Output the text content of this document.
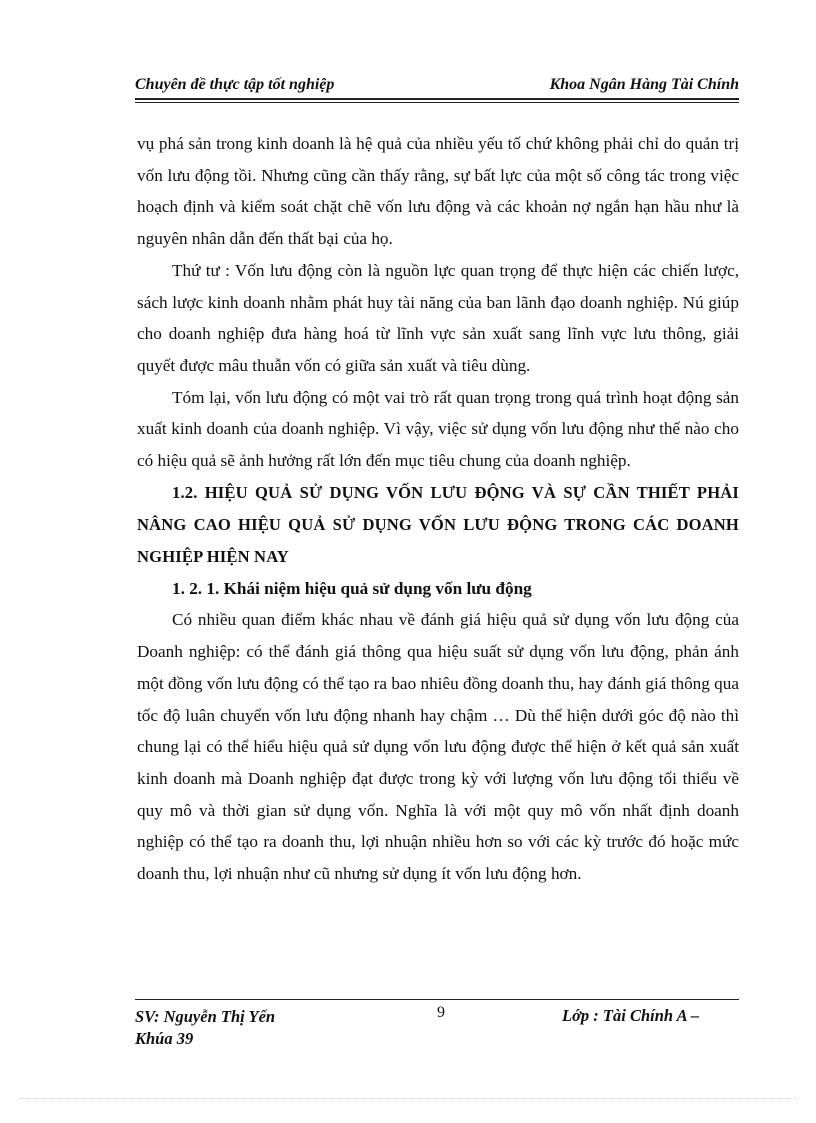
Chuyên đề thực tập tốt nghiệp	Khoa Ngân Hàng Tài Chính

vụ phá sản trong kinh doanh là hệ quả của nhiều yếu tố chứ không phải chỉ do quản trị vốn lưu động tồi. Nhưng cũng cần thấy rằng, sự bất lực của một số công tác trong việc hoạch định và kiểm soát chặt chẽ vốn lưu động và các khoản nợ ngắn hạn hầu như là nguyên nhân dẫn đến thất bại của họ.

Thứ tư : Vốn lưu động còn là nguồn lực quan trọng để thực hiện các chiến lược, sách lược kinh doanh nhằm phát huy tài năng của ban lãnh đạo doanh nghiệp. Nú giúp cho doanh nghiệp đưa hàng hoá từ lĩnh vực sản xuất sang lĩnh vực lưu thông, giải quyết được mâu thuẫn vốn có giữa sản xuất và tiêu dùng.

Tóm lại, vốn lưu động có một vai trò rất quan trọng trong quá trình hoạt động sản xuất kinh doanh của doanh nghiệp. Vì vậy, việc sử dụng vốn lưu động như thế nào cho có hiệu quả sẽ ảnh hưởng rất lớn đến mục tiêu chung của doanh nghiệp.

1.2. HIỆU QUẢ SỬ DỤNG VỐN LƯU ĐỘNG VÀ SỰ CẦN THIẾT PHẢI NÂNG CAO HIỆU QUẢ SỬ DỤNG VỐN LƯU ĐỘNG TRONG CÁC DOANH NGHIỆP HIỆN NAY

1. 2. 1. Khái niệm hiệu quả sử dụng vốn lưu động

Có nhiều quan điểm khác nhau về đánh giá hiệu quả sử dụng vốn lưu động của Doanh nghiệp: có thể đánh giá thông qua hiệu suất sử dụng vốn lưu động, phản ánh một đồng vốn lưu động có thể tạo ra bao nhiêu đồng doanh thu, hay đánh giá thông qua tốc độ luân chuyển vốn lưu động nhanh hay chậm … Dù thể hiện dưới góc độ nào thì chung lại có thể hiểu hiệu quả sử dụng vốn lưu động được thể hiện ở kết quả sản xuất kinh doanh mà Doanh nghiệp đạt được trong kỳ với lượng vốn lưu động tối thiểu về quy mô và thời gian sử dụng vốn. Nghĩa là với một quy mô vốn nhất định doanh nghiệp có thể tạo ra doanh thu, lợi nhuận nhiều hơn so với các kỳ trước đó hoặc mức doanh thu, lợi nhuận như cũ nhưng sử dụng ít vốn lưu động hơn.

SV: Nguyễn Thị Yến
Khúa 39
9	Lớp : Tài Chính A –
